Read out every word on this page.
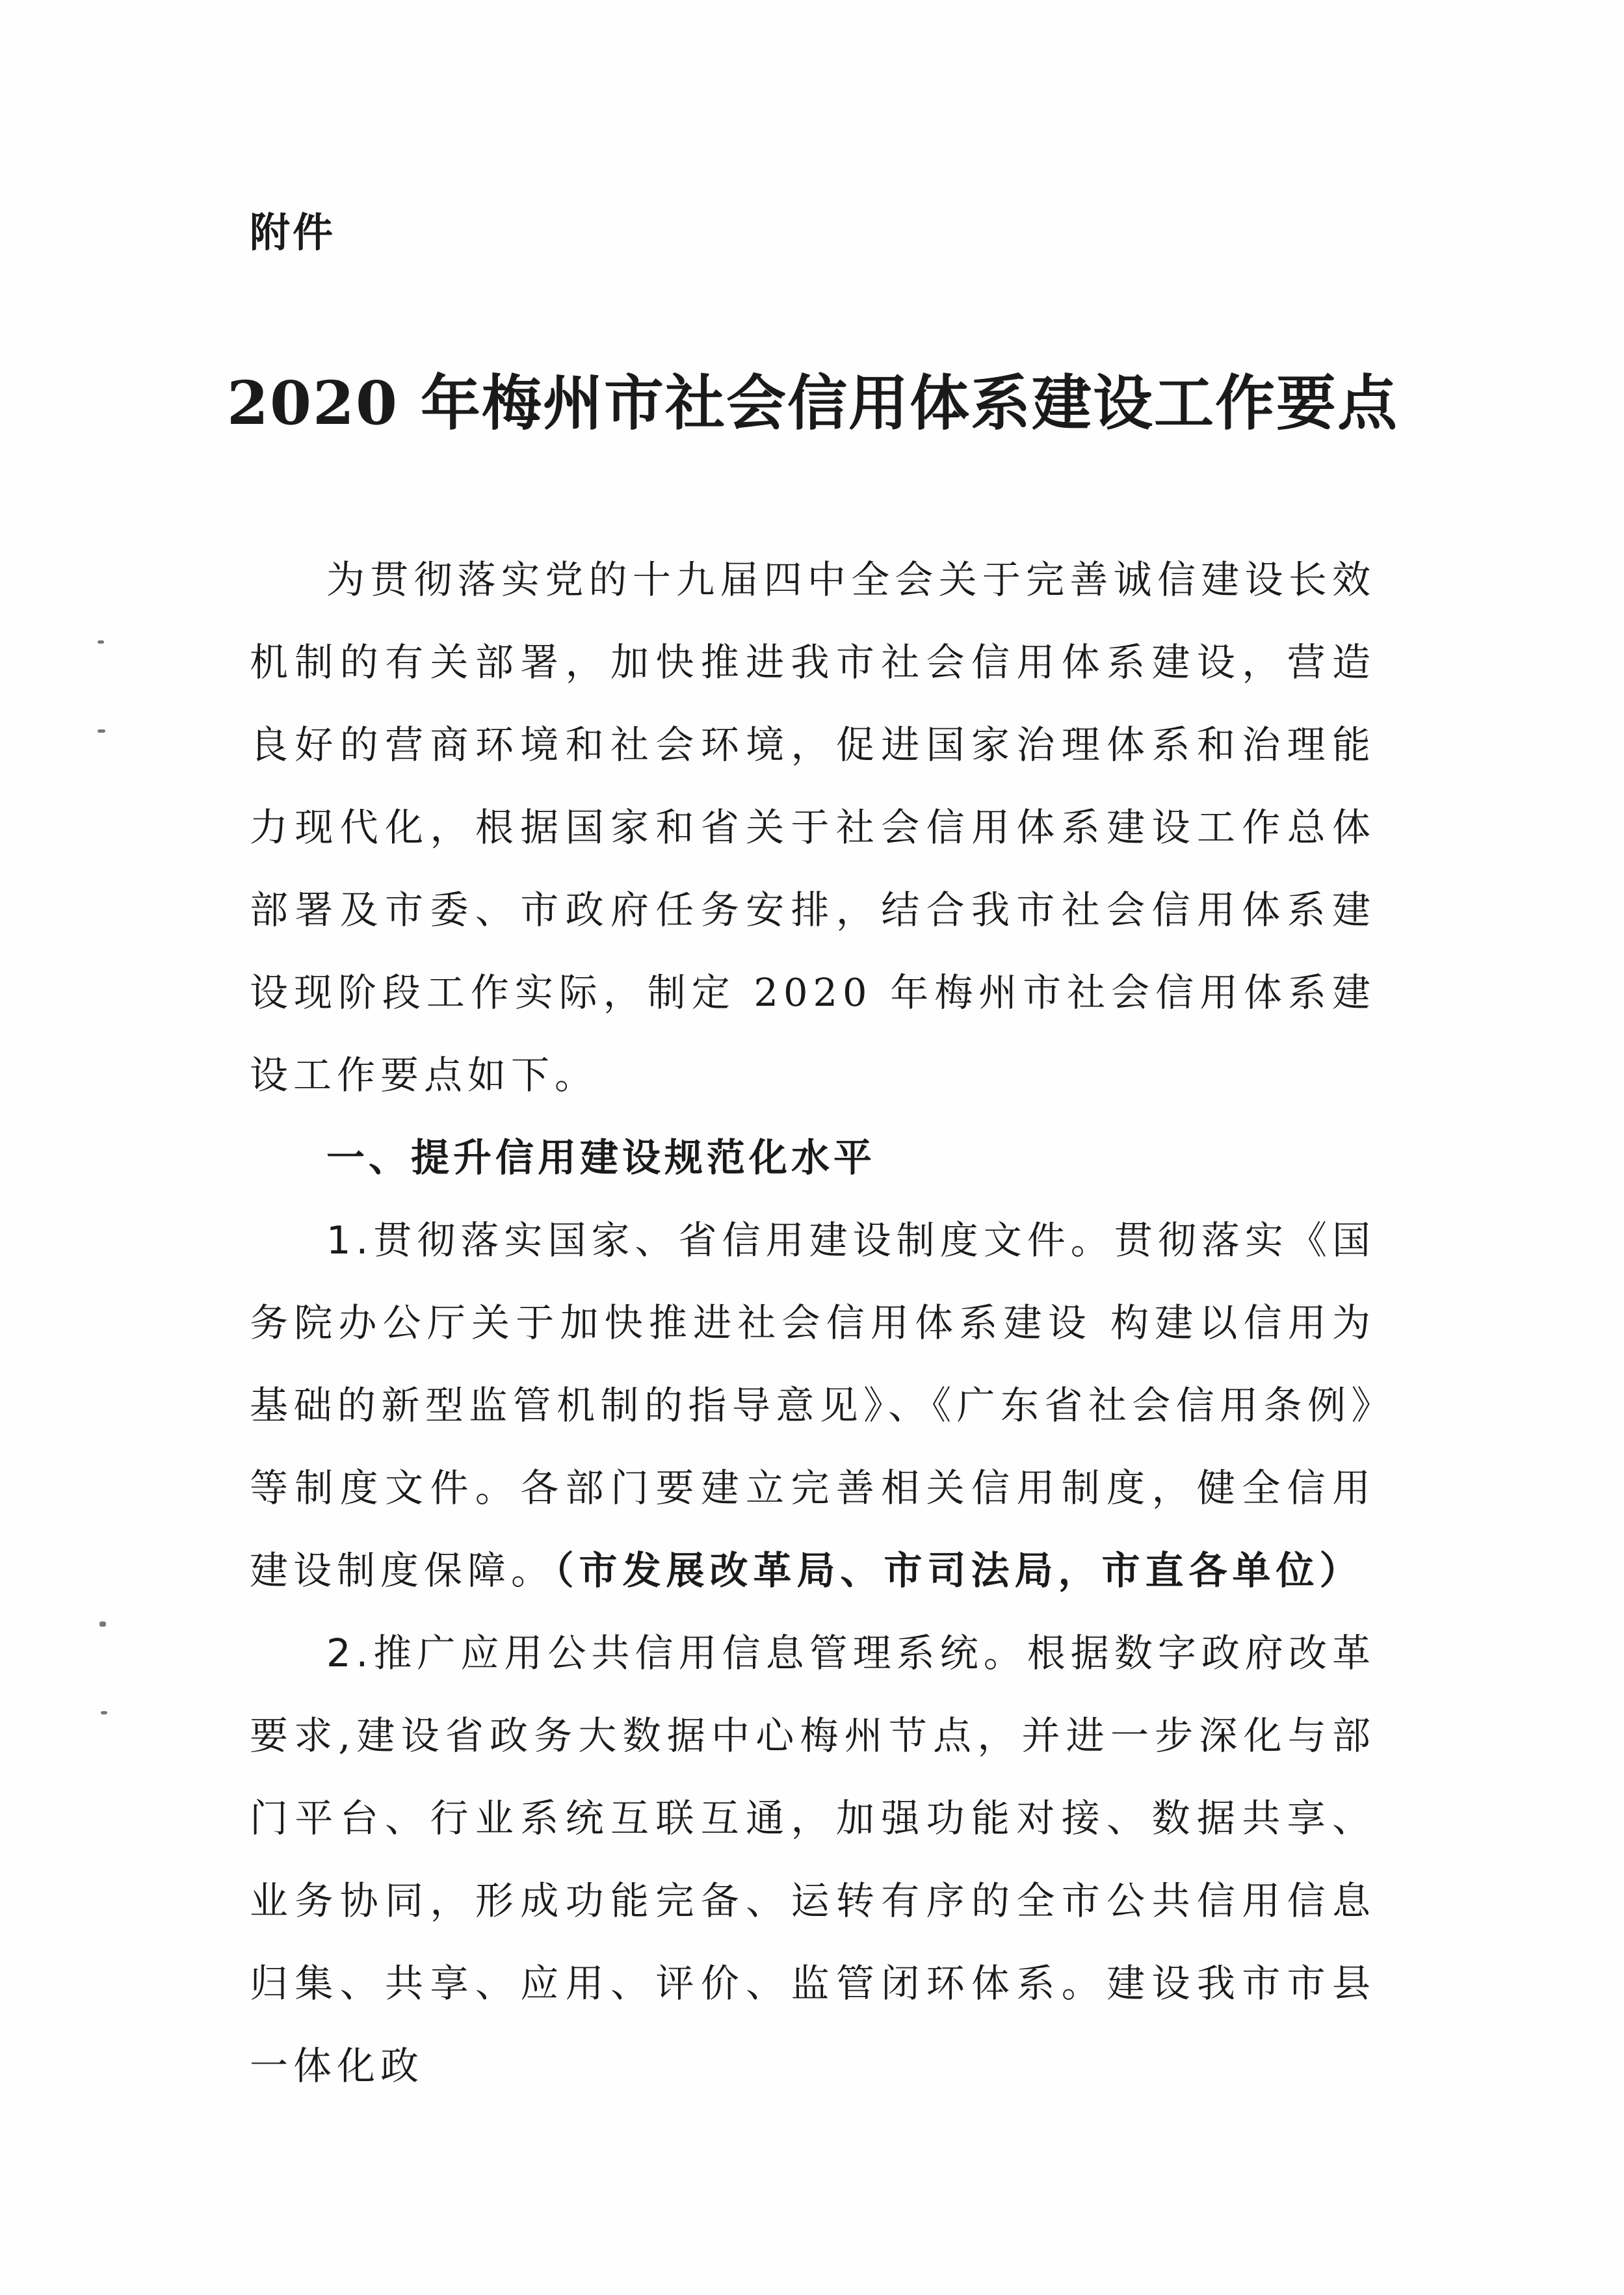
附件
2020 年梅州市社会信用体系建设工作要点

为贯彻落实党的十九届四中全会关于完善诚信建设长效机制的有关部署，加快推进我市社会信用体系建设，营造良好的营商环境和社会环境，促进国家治理体系和治理能力现代化，根据国家和省关于社会信用体系建设工作总体部署及市委、市政府任务安排，结合我市社会信用体系建设现阶段工作实际，制定 2020 年梅州市社会信用体系建设工作要点如下。

一、提升信用建设规范化水平

1.贯彻落实国家、省信用建设制度文件。贯彻落实《国务院办公厅关于加快推进社会信用体系建设 构建以信用为基础的新型监管机制的指导意见》、《广东省社会信用条例》等制度文件。各部门要建立完善相关信用制度，健全信用建设制度保障。（市发展改革局、市司法局，市直各单位）

2.推广应用公共信用信息管理系统。根据数字政府改革要求,建设省政务大数据中心梅州节点，并进一步深化与部门平台、行业系统互联互通，加强功能对接、数据共享、业务协同，形成功能完备、运转有序的全市公共信用信息归集、共享、应用、评价、监管闭环体系。建设我市市县一体化政
